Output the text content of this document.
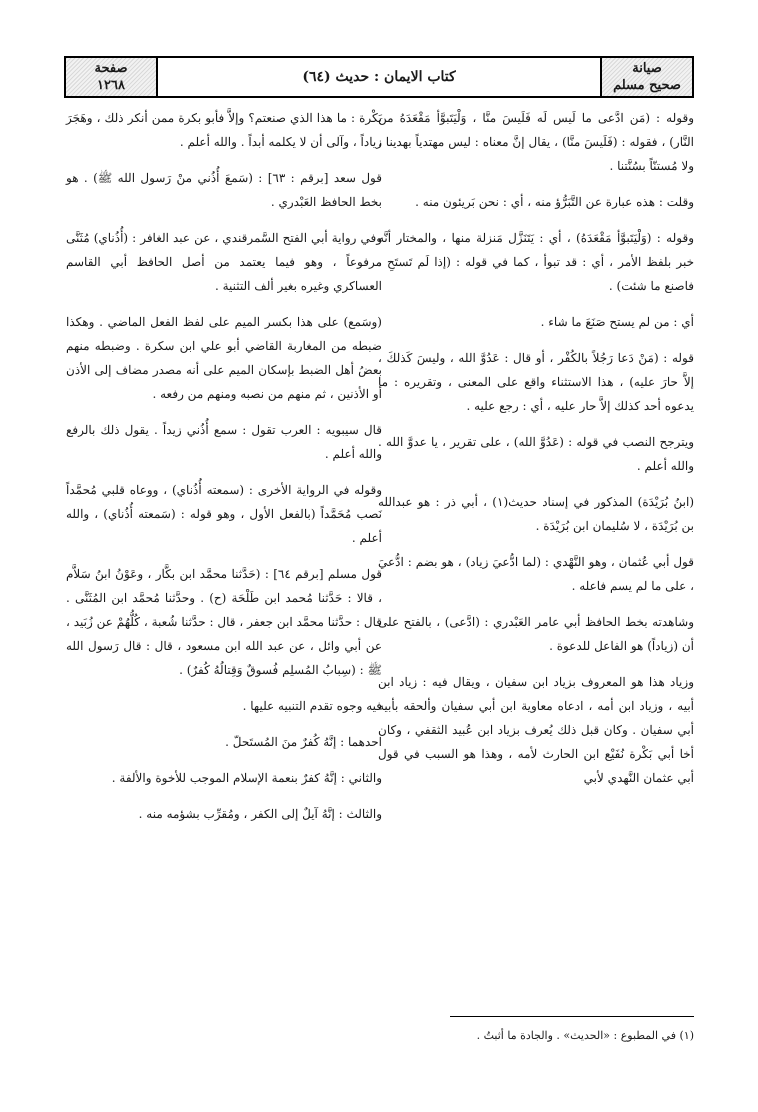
صيانة
صحيح مسلم
كتاب الايمان : حديث (٦٤)
صفحة
١٢٦٨

وقوله : (مَن ادَّعى ما لَيس لَه فَلَيسَ منَّا ، وَلْيَتَبوَّأ مَقْعَدَهُ من النَّار) ، فقوله : (فَلَيسَ منَّا) ، يقال إنَّ معناه : ليس مهتدياً بهدينا ، ولا مُستنّاً بسُنَّتنا .

وقلت : هذه عبارة عن التَّبَرُّؤ منه ، أي : نحن بَريئون منه .

وقوله : (وَلْيَتَبوَّأ مَقْعَدَهُ) ، أي : يَتَنَزَّل مَنزلة منها ، والمختار أنَّه خبر بلفظ الأمر ، أي : قد تبوأ ، كما في قوله : (إذا لَم تَستَحِ ، فاصنع ما شئت) .

أي : من لم يستح صَنَعَ ما شاء .

قوله : (مَنْ دَعا رَجُلاً بالكُفْر ، أو قال : عَدُوَّ الله ، وليسَ كَذلكَ ، إلاَّ حارَ عليه) ، هذا الاستثناء واقع على المعنى ، وتقريره : ما يدعوه أحد كذلك إلاَّ حار عليه ، أي : رجع عليه .

ويترجح النصب في قوله : (عَدُوَّ الله) ، على تقرير ، يا عدوَّ الله . والله أعلم .

(ابنُ بُرَيْدَة) المذكور في إسناد حديث(١) ، أبي ذر : هو عبدالله بن بُرَيْدَة ، لا سُليمان ابن بُرَيْدَة .

قول أبي عُثمان ، وهو النَّهْدي : (لما ادُّعيَ زياد) ، هو بضم : ادُّعيَ ، على ما لم يسم فاعله .

وشاهدته بخط الحافظ أبي عامر العَبْدري : (ادَّعى) ، بالفتح على أن (زياداً) هو الفاعل للدعوة .

وزياد هذا هو المعروف بزياد ابن سفيان ، ويقال فيه : زياد ابن أبيه ، وزياد ابن أمه ، ادعاه معاوية ابن أبي سفيان وألحقه بأبيه أبي سفيان . وكان قبل ذلك يُعرف بزياد ابن عُبيد الثقفي ، وكان أخا أبي بَكْرة نُفَيْع ابن الحارث لأمه ، وهذا هو السبب في قول أبي عثمان النَّهدي لأبي

بَكْرة : ما هذا الذي صنعتم؟ وإلاَّ فأبو بكرة ممن أنكر ذلك ، وهَجَرَ زياداً ، وآلى أن لا يكلمه أبداً . والله أعلم .

قول سعد [برقم : ٦٣] : (سَمعَ أُذُني منْ رَسول الله ﷺ) . هو بخط الحافظ العَبْدري .

وفي رواية أبي الفتح السَّمرقندي ، عن عبد الغافر : (أُذُناي) مُثَنَّى مرفوعاً ، وهو فيما يعتمد من أصل الحافظ أبي القاسم العساكري وغيره بغير ألف التثنية .

(وسَمع) على هذا بكسر الميم على لفظ الفعل الماضي . وهكذا ضبطه من المغاربة القاضي أبو علي ابن سكرة . وضبطه منهم بعضُ أهل الضبط بإسكان الميم على أنه مصدر مضاف إلى الأذن أو الأذنين ، ثم منهم من نصبه ومنهم من رفعه .

قال سيبويه : العرب تقول : سمع أُذُني زيداً . يقول ذلك بالرفع والله أعلم .

وقوله في الرواية الأخرى : (سمعته أُذُناي) ، ووعاه قلبي مُحمَّداً نَصب مُحَمَّداً (بالفعل الأول ، وهو قوله : (سَمعته أُذُناي) ، والله أعلم .

قول مسلم [برقم ٦٤] : (حَدَّثنا محمَّد ابن بكَّار ، وعَوْنُ ابنُ سَلاَّم ، قالا : حَدَّثنا مُحمد ابن طَلْحَة (ح) . وحدَّثنا مُحمَّد ابن المُثَنَّى . قال : حدَّثنا محمَّد ابن جعفر ، قال : حدَّثنا شُعبة ، كُلُّهُمْ عن زُبَيد ، عن أبي وائل ، عن عبد الله ابن مسعود ، قال : قال رَسول الله ﷺ : (سِبابُ المُسلِم فُسوقٌ وَقِتالُهُ كُفرٌ) .

فيه وجوه تقدم التنبيه عليها .

احدهما : إنَّهُ كُفرٌ منَ المُستَحلّ .

والثاني : إنَّهُ كفرٌ بنعمة الإسلام الموجب للأخوة والألفة .

والثالث : إنَّهُ آيلٌ إلى الكفر ، ومُقرِّب بشؤمه منه .

(١) في المطبوع : «الحديث» . والجادة ما أثبتُ .
